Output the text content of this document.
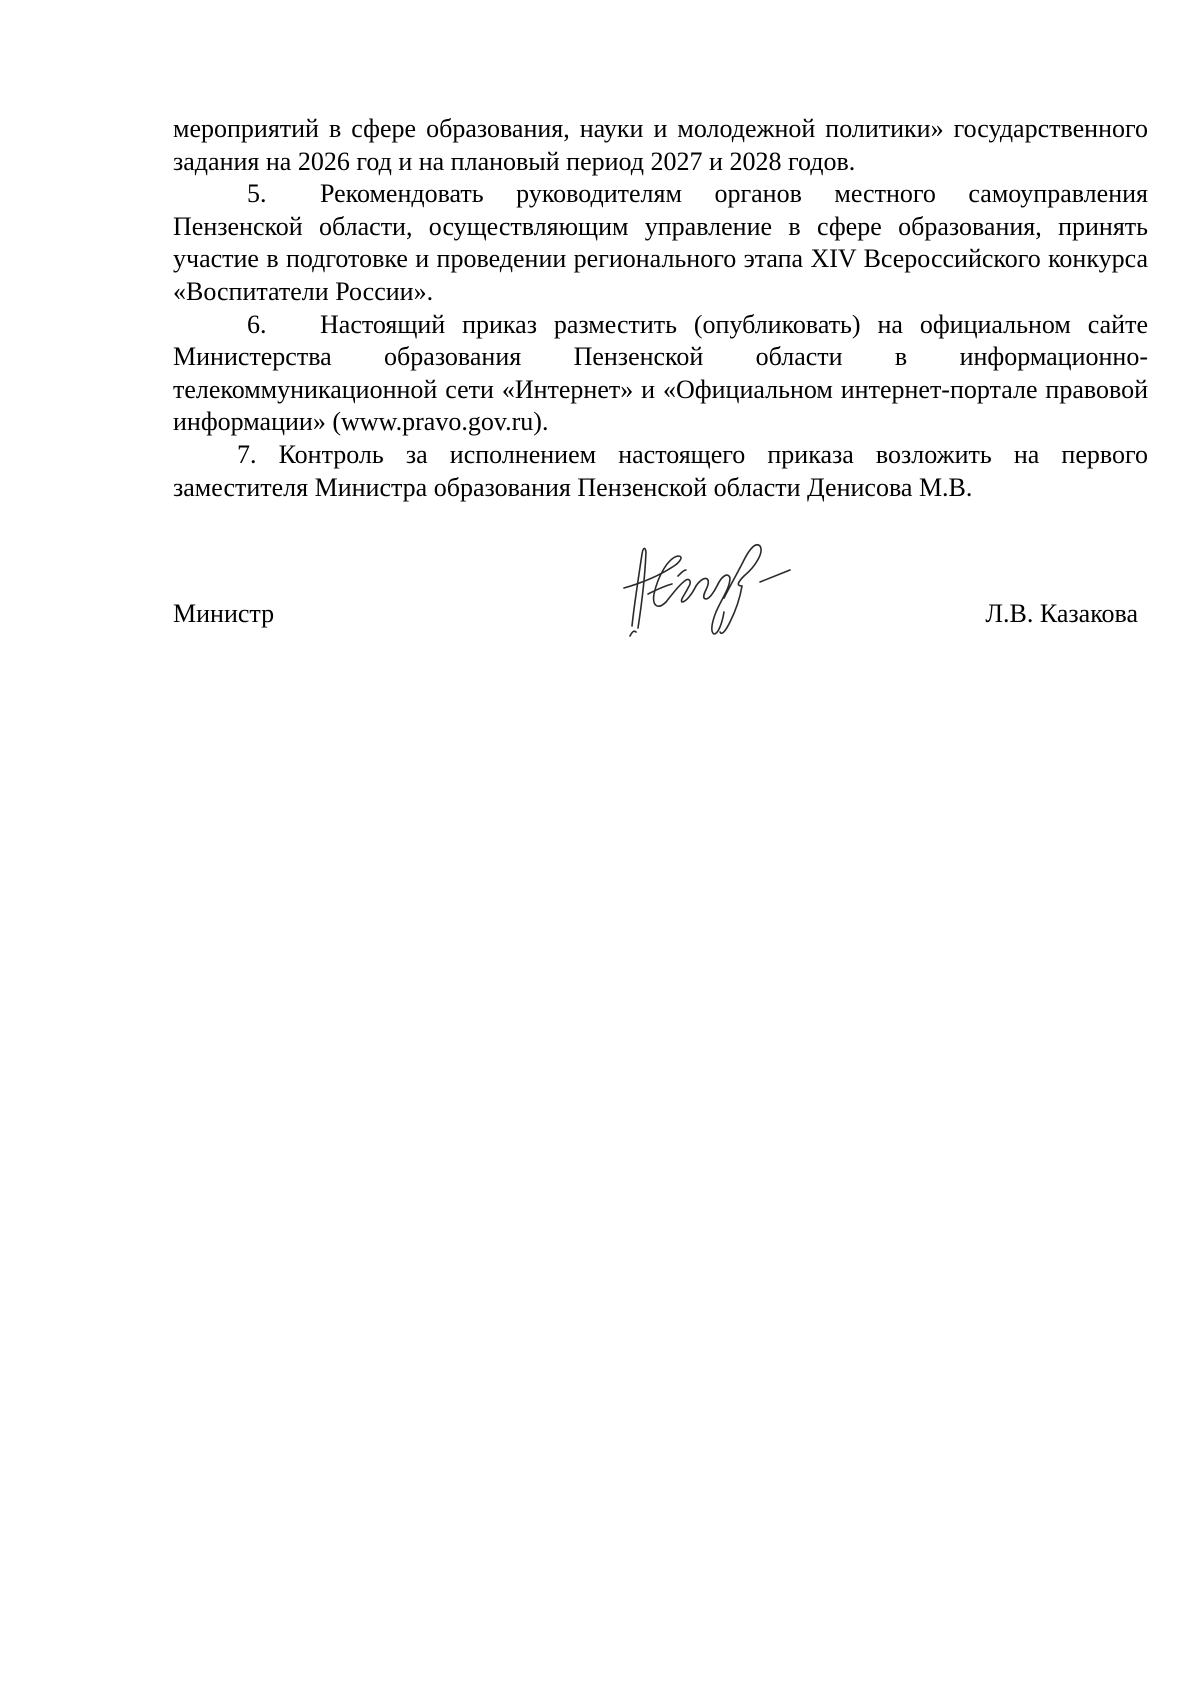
мероприятий в сфере образования, науки и молодежной политики» государственного задания на 2026 год и на плановый период 2027 и 2028 годов.

5. Рекомендовать руководителям органов местного самоуправления Пензенской области, осуществляющим управление в сфере образования, принять участие в подготовке и проведении регионального этапа XIV Всероссийского конкурса «Воспитатели России».

6. Настоящий приказ разместить (опубликовать) на официальном сайте Министерства образования Пензенской области в информационно-телекоммуникационной сети «Интернет» и «Официальном интернет-портале правовой информации» (www.pravo.gov.ru).

7. Контроль за исполнением настоящего приказа возложить на первого заместителя Министра образования Пензенской области Денисова М.В.

Министр	Л.В. Казакова
